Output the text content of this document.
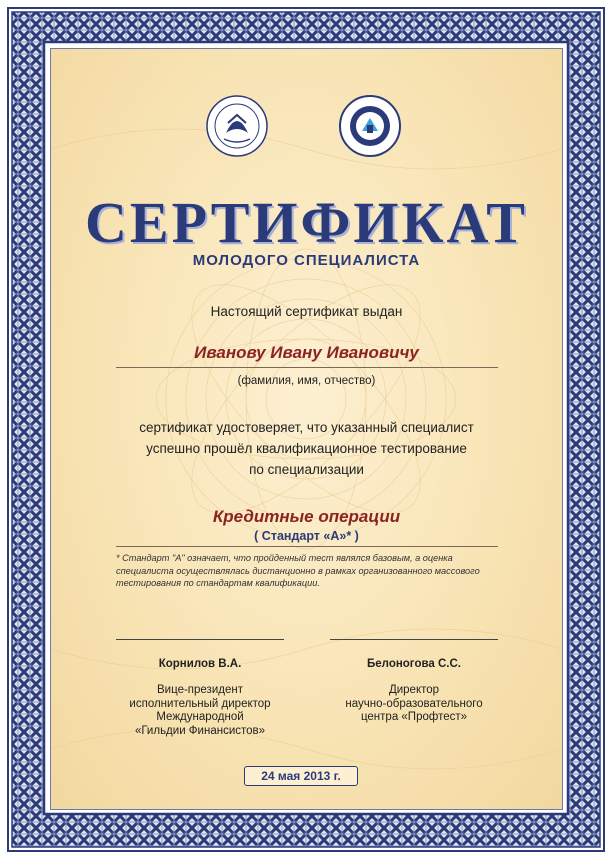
СЕРТИФИКАТ
МОЛОДОГО СПЕЦИАЛИСТА
Настоящий сертификат выдан
Иванову Ивану Ивановичу
(фамилия, имя, отчество)
сертификат удостоверяет, что указанный специалист
успешно прошёл квалификационное тестирование
по специализации
Кредитные операции
( Стандарт «А»* )
* Стандарт "А" означает, что пройденный тест являлся базовым, а оценка специалиста осуществлялась дистанционно в рамках организованного массового тестирования по стандартам квалификации.
Корнилов В.А.	Белоногова С.С.
Вице-президент
исполнительный директор
Международной
«Гильдии Финансистов»
Директор
научно-образовательного
центра «Профтест»
24 мая 2013 г.
